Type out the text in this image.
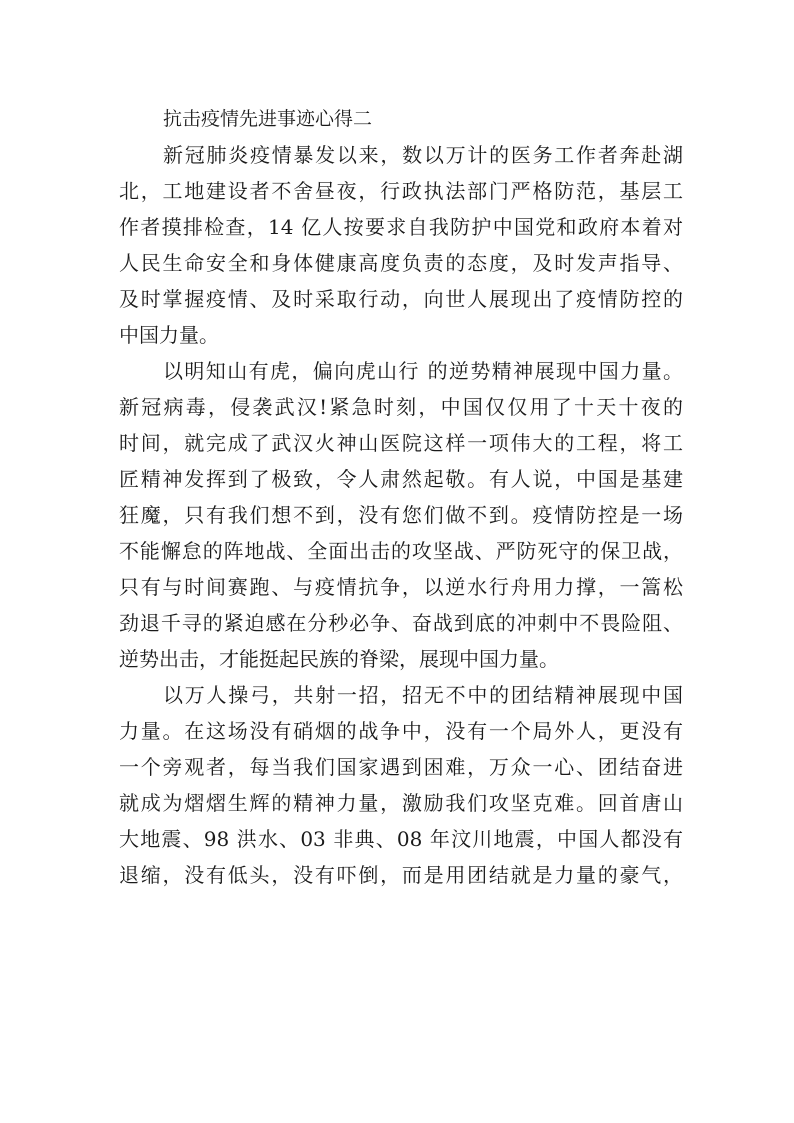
抗击疫情先进事迹心得二
新冠肺炎疫情暴发以来，数以万计的医务工作者奔赴湖
北，工地建设者不舍昼夜，行政执法部门严格防范，基层工
作者摸排检查，14 亿人按要求自我防护中国党和政府本着对
人民生命安全和身体健康高度负责的态度，及时发声指导、
及时掌握疫情、及时采取行动，向世人展现出了疫情防控的
中国力量。
以明知山有虎，偏向虎山行 的逆势精神展现中国力量。
新冠病毒，侵袭武汉!紧急时刻，中国仅仅用了十天十夜的
时间，就完成了武汉火神山医院这样一项伟大的工程，将工
匠精神发挥到了极致，令人肃然起敬。有人说，中国是基建
狂魔，只有我们想不到，没有您们做不到。疫情防控是一场
不能懈怠的阵地战、全面出击的攻坚战、严防死守的保卫战，
只有与时间赛跑、与疫情抗争，以逆水行舟用力撑，一篙松
劲退千寻的紧迫感在分秒必争、奋战到底的冲刺中不畏险阻、
逆势出击，才能挺起民族的脊梁，展现中国力量。
以万人操弓，共射一招，招无不中的团结精神展现中国
力量。在这场没有硝烟的战争中，没有一个局外人，更没有
一个旁观者，每当我们国家遇到困难，万众一心、团结奋进
就成为熠熠生辉的精神力量，激励我们攻坚克难。回首唐山
大地震、98 洪水、03 非典、08 年汶川地震，中国人都没有
退缩，没有低头，没有吓倒，而是用团结就是力量的豪气，
